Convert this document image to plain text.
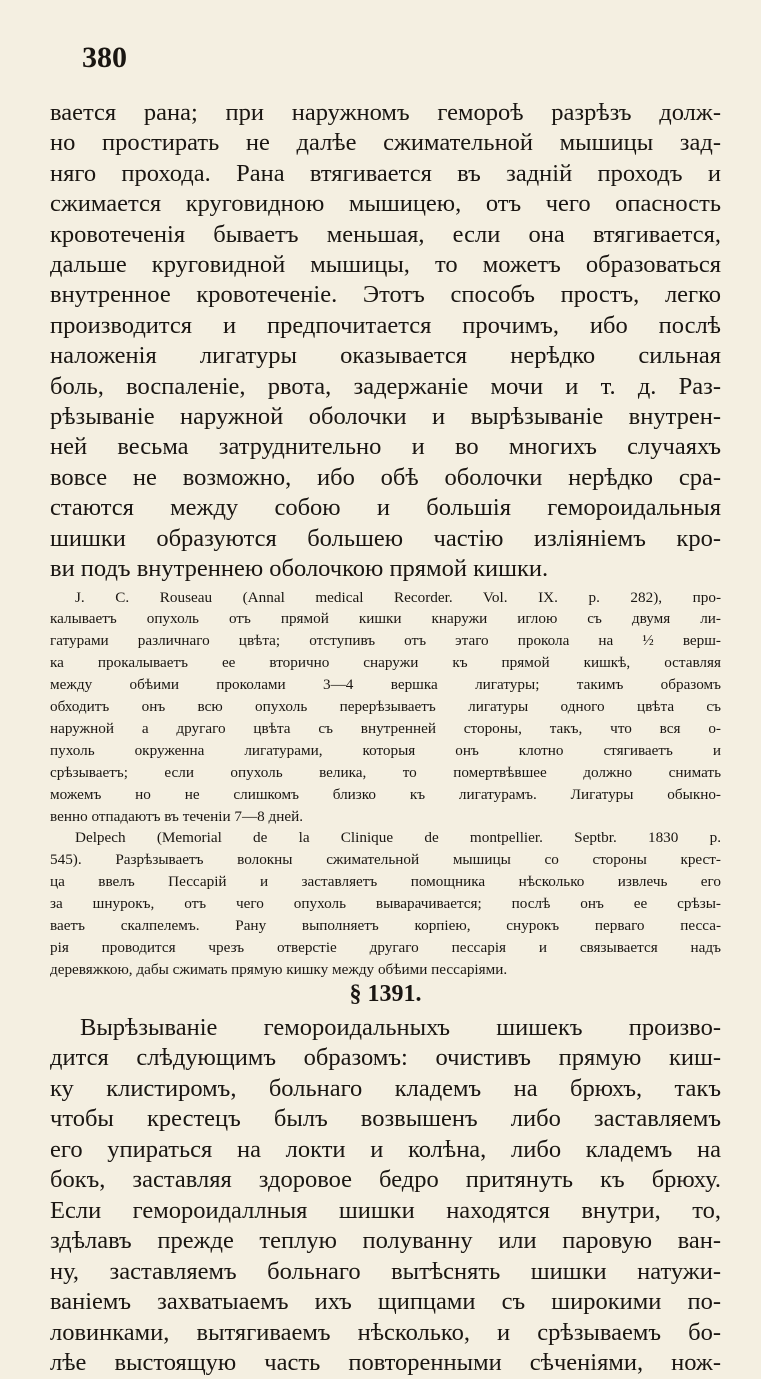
380
вается рана; при наружномъ гемороѣ разрѣзъ долж-
но простирать не далѣе сжимательной мышицы зад-
няго прохода. Рана втягивается въ задній проходъ и
сжимается круговидною мышицею, отъ чего опасность
кровотеченія бываетъ меньшая, если она втягивается,
дальше круговидной мышицы, то можетъ образоваться
внутренное кровотеченіе. Этотъ способъ простъ, легко
производится и предпочитается прочимъ, ибо послѣ
наложенія лигатуры оказывается нерѣдко сильная
боль, воспаленіе, рвота, задержаніе мочи и т. д. Раз-
рѣзываніе наружной оболочки и вырѣзываніе внутрен-
ней весьма затруднительно и во многихъ случаяхъ
вовсе не возможно, ибо обѣ оболочки нерѣдко сра-
стаются между собою и большiя геморoидальныя
шишки образуются большею частію изліяніемъ кро-
ви подъ внутреннею оболочкою прямой кишки.
J. C. Rouseau (Annal medical Recorder. Vol. IX. p. 282), про-
калываетъ опухоль отъ прямой кишки кнаружи иглою съ двумя ли-
гатурами различнаго цвѣта; отступивъ отъ этаго прокола на ½ верш-
ка прокалываетъ ее вторично снаружи къ прямой кишкѣ, оставляя
между обѣими проколами 3—4 вершка лигатуры; такимъ образомъ
обходитъ онъ всю опухоль перерѣзываетъ лигатуры одного цвѣта съ
наружной а другаго цвѣта съ внутренней стороны, такъ, что вся о-
пухоль окруженна лигатурами, которыя онъ клотно стягиваетъ и
срѣзываетъ; если опухоль велика, то помертвѣвшее должно снимать
можемъ но не слишкомъ близко къ лигатурамъ. Лигатуры обыкно-
венно отпадаютъ въ теченіи 7—8 дней.
Delpech (Memorial de la Clinique de montpellier. Septbr. 1830 p.
545). Разрѣзываетъ волокны сжимательной мышицы со стороны крест-
ца ввелъ Пессарій и заставляетъ помощника нѣсколько извлечь его
за шнурокъ, отъ чего опухоль выварачивается; послѣ онъ ее срѣзы-
ваетъ скалпелемъ. Рану выполняетъ корпіею, снурокъ перваго песса-
рія проводится чрезъ отверстіе другаго пессарія и связывается надъ
деревяжкою, дабы сжимать прямую кишку между обѣими пессаріями.
§ 1391.
Вырѣзываніе гемороидальныхъ шишекъ произво-
дится слѣдующимъ образомъ: очистивъ прямую киш-
ку клистиромъ, больнаго кладемъ на брюхъ, такъ
чтобы крестецъ былъ возвышенъ либо заставляемъ
его упираться на локти и колѣна, либо кладемъ на
бокъ, заставляя здоровое бедро притянуть къ брюху.
Если гемороидаллныя шишки находятся внутри, то,
здѣлавъ прежде теплую полуванну или паровую ван-
ну, заставляемъ больнаго вытѣснять шишки натужи-
ваніемъ захватыаемъ ихъ щипцами съ широкими по-
ловинками, вытягиваемъ нѣсколько, и срѣзываемъ бо-
лѣе выстоящую часть повторенными сѣченіями, нож-
